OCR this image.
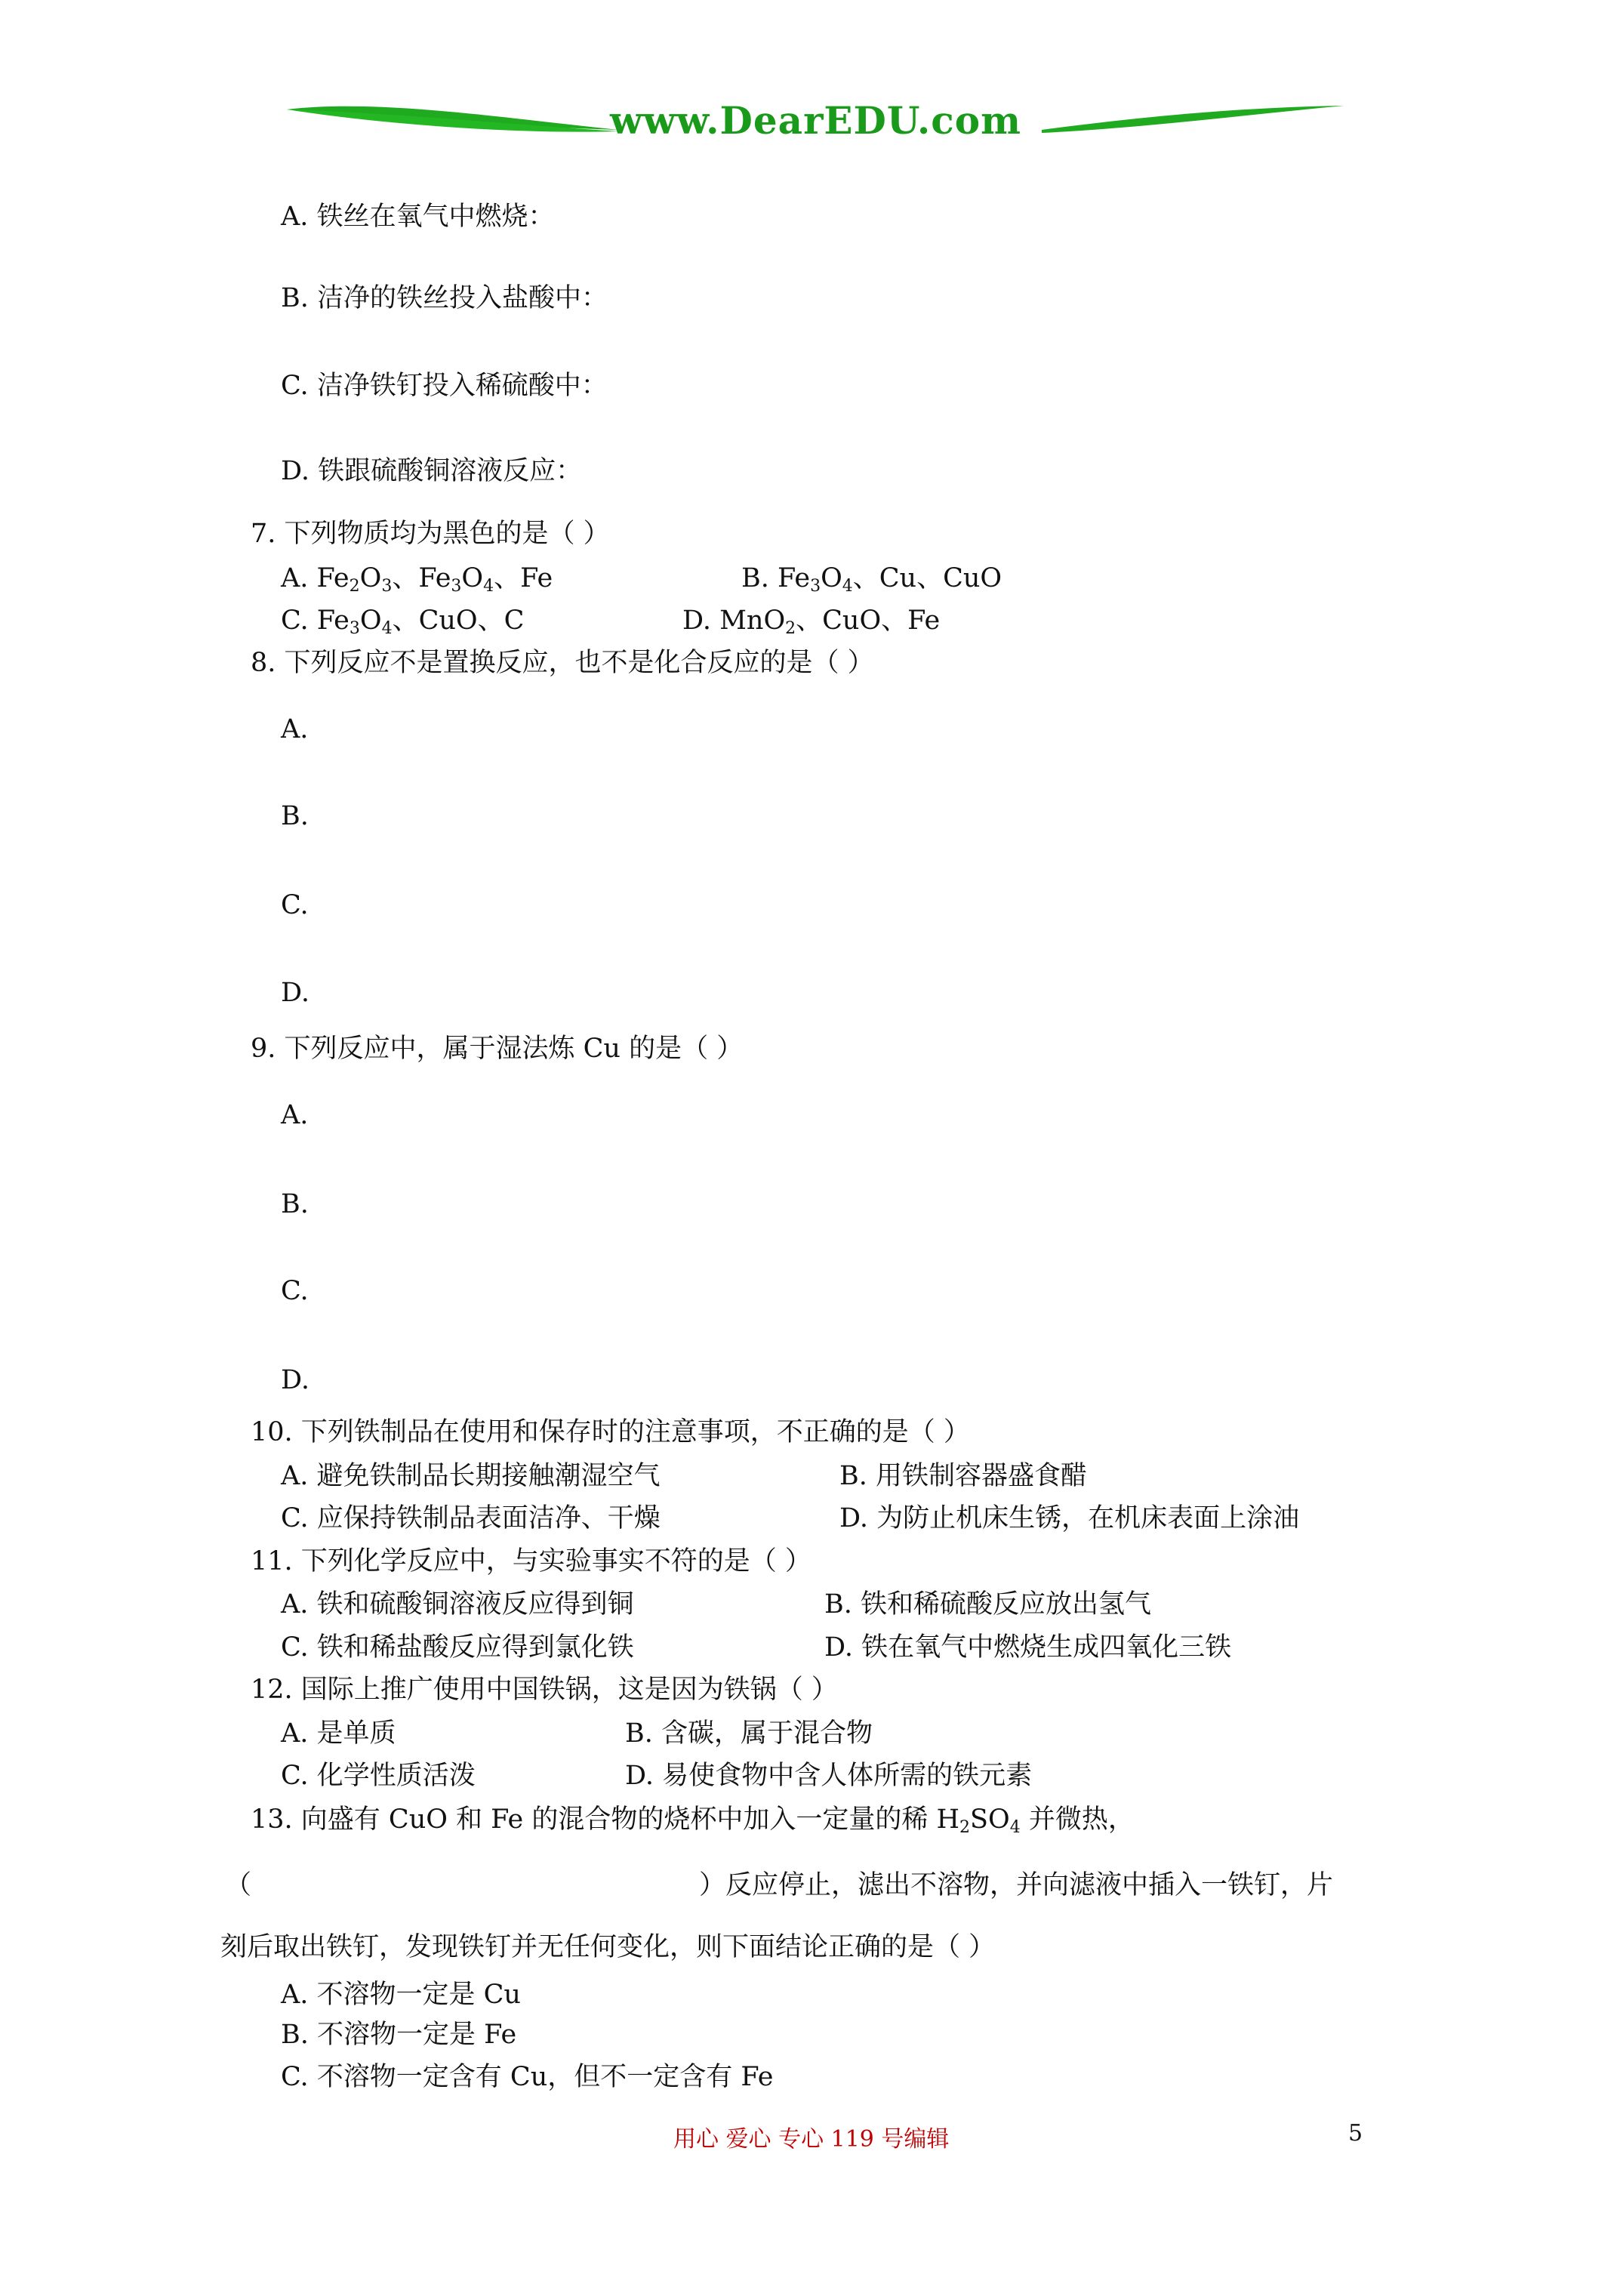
www.DearEDU.com
A. 铁丝在氧气中燃烧：
B. 洁净的铁丝投入盐酸中：
C. 洁净铁钉投入稀硫酸中：
D. 铁跟硫酸铜溶液反应：
7. 下列物质均为黑色的是（ ）
A. $Fe_2O_3$、$Fe_3O_4$、Fe	B. $Fe_3O_4$、Cu、CuO
C. $Fe_3O_4$、CuO、C	D. MnO$_2$、CuO、Fe
8. 下列反应不是置换反应，也不是化合反应的是（ ）
A.
B.
C.
D.
9. 下列反应中，属于湿法炼 Cu 的是（ ）
A.
B.
C.
D.
10. 下列铁制品在使用和保存时的注意事项，不正确的是（ ）
A. 避免铁制品长期接触潮湿空气	B. 用铁制容器盛食醋
C. 应保持铁制品表面洁净、干燥	D. 为防止机床生锈，在机床表面上涂油
11. 下列化学反应中，与实验事实不符的是（ ）
A. 铁和硫酸铜溶液反应得到铜	B. 铁和稀硫酸反应放出氢气
C. 铁和稀盐酸反应得到氯化铁	D. 铁在氧气中燃烧生成四氧化三铁
12. 国际上推广使用中国铁锅，这是因为铁锅（ ）
A. 是单质	B. 含碳，属于混合物
C. 化学性质活泼	D. 易使食物中含人体所需的铁元素
13. 向盛有 CuO 和 Fe 的混合物的烧杯中加入一定量的稀 $H_2SO_4$ 并微热，
（	）反应停止，滤出不溶物，并向滤液中插入一铁钉，片
刻后取出铁钉，发现铁钉并无任何变化，则下面结论正确的是（ ）
A. 不溶物一定是 Cu
B. 不溶物一定是 Fe
C. 不溶物一定含有 Cu，但不一定含有 Fe
用心 爱心 专心 119 号编辑	5
